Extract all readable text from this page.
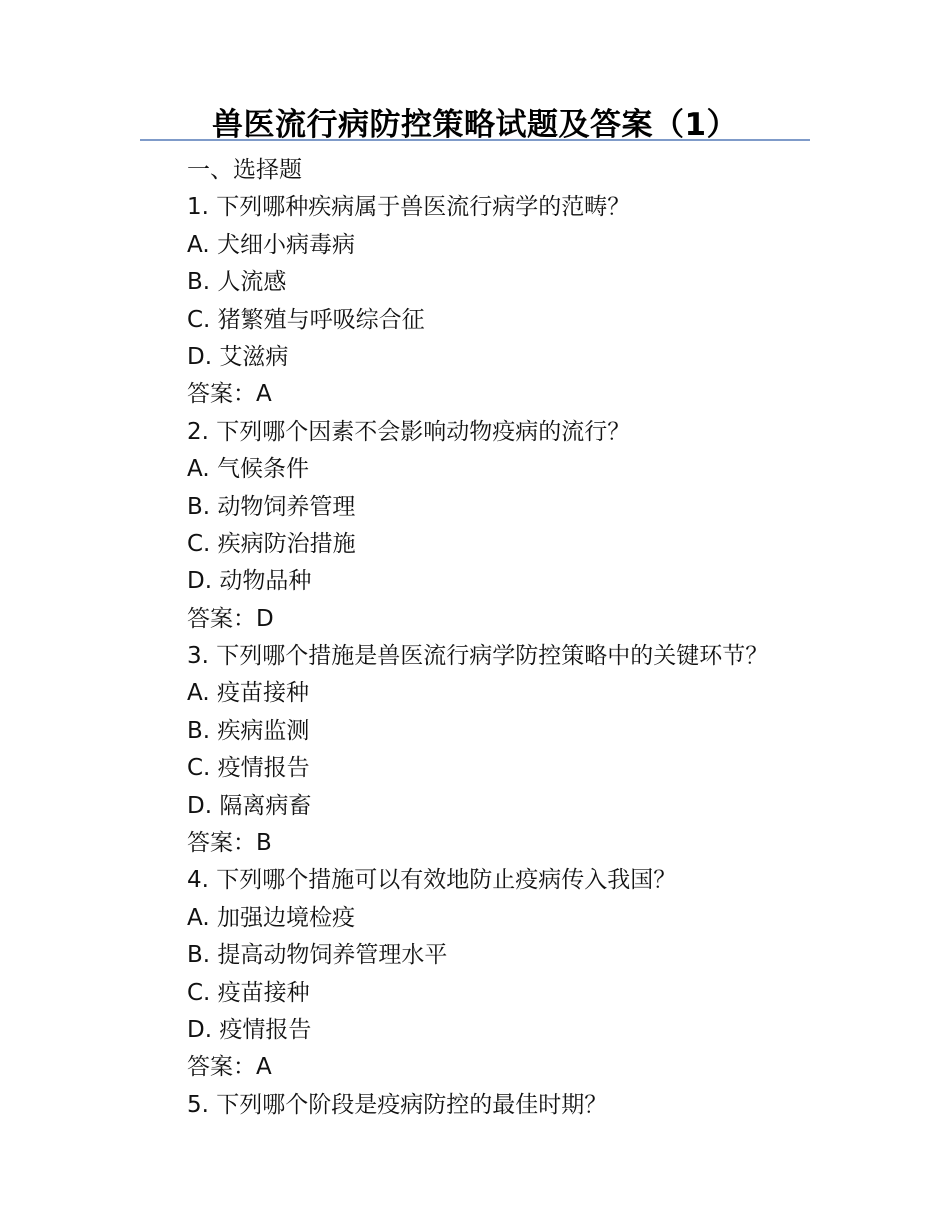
兽医流行病防控策略试题及答案（1）
一、选择题
1. 下列哪种疾病属于兽医流行病学的范畴？
A. 犬细小病毒病
B. 人流感
C. 猪繁殖与呼吸综合征
D. 艾滋病
答案：A
2. 下列哪个因素不会影响动物疫病的流行？
A. 气候条件
B. 动物饲养管理
C. 疾病防治措施
D. 动物品种
答案：D
3. 下列哪个措施是兽医流行病学防控策略中的关键环节？
A. 疫苗接种
B. 疾病监测
C. 疫情报告
D. 隔离病畜
答案：B
4. 下列哪个措施可以有效地防止疫病传入我国？
A. 加强边境检疫
B. 提高动物饲养管理水平
C. 疫苗接种
D. 疫情报告
答案：A
5. 下列哪个阶段是疫病防控的最佳时期？
